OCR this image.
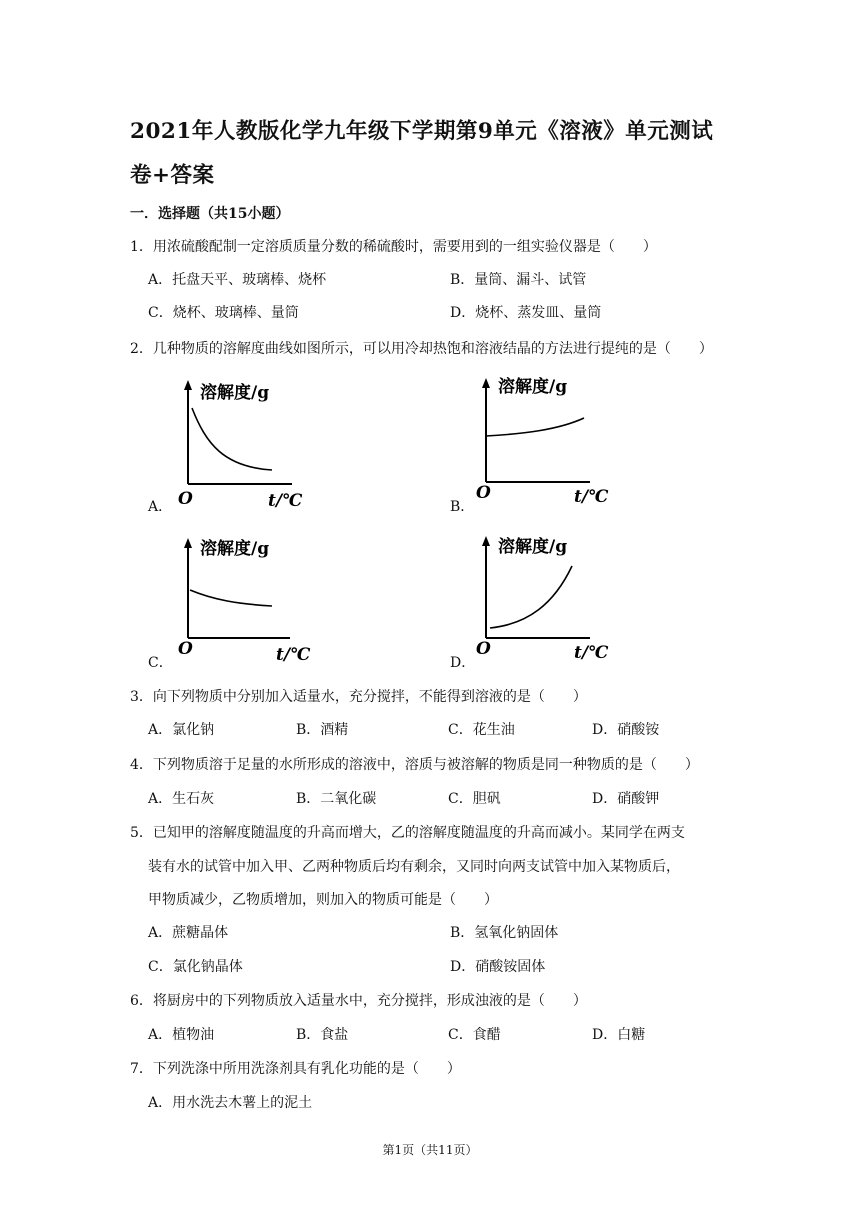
2021年人教版化学九年级下学期第9单元《溶液》单元测试
卷+答案
一．选择题（共15小题）
1．用浓硫酸配制一定溶质质量分数的稀硫酸时，需要用到的一组实验仪器是（　　）
A．托盘天平、玻璃棒、烧杯	B．量筒、漏斗、试管
C．烧杯、玻璃棒、量筒	D．烧杯、蒸发皿、量筒
2．几种物质的溶解度曲线如图所示，可以用冷却热饱和溶液结晶的方法进行提纯的是（　　）
A．
溶解度/g
O	t/℃	B．
溶解度/g
O	t/℃
C．
溶解度/g
O	t/℃	D．
溶解度/g
O	t/℃
3．向下列物质中分别加入适量水，充分搅拌，不能得到溶液的是（　　）
A．氯化钠	B．酒精	C．花生油	D．硝酸铵
4．下列物质溶于足量的水所形成的溶液中，溶质与被溶解的物质是同一种物质的是（　　）
A．生石灰	B．二氧化碳	C．胆矾	D．硝酸钾
5．已知甲的溶解度随温度的升高而增大，乙的溶解度随温度的升高而减小。某同学在两支
装有水的试管中加入甲、乙两种物质后均有剩余，又同时向两支试管中加入某物质后，
甲物质减少，乙物质增加，则加入的物质可能是（　　）
A．蔗糖晶体	B．氢氧化钠固体
C．氯化钠晶体	D．硝酸铵固体
6．将厨房中的下列物质放入适量水中，充分搅拌，形成浊液的是（　　）
A．植物油	B．食盐	C．食醋	D．白糖
7．下列洗涤中所用洗涤剂具有乳化功能的是（　　）
A．用水洗去木薯上的泥土
第1页（共11页）
